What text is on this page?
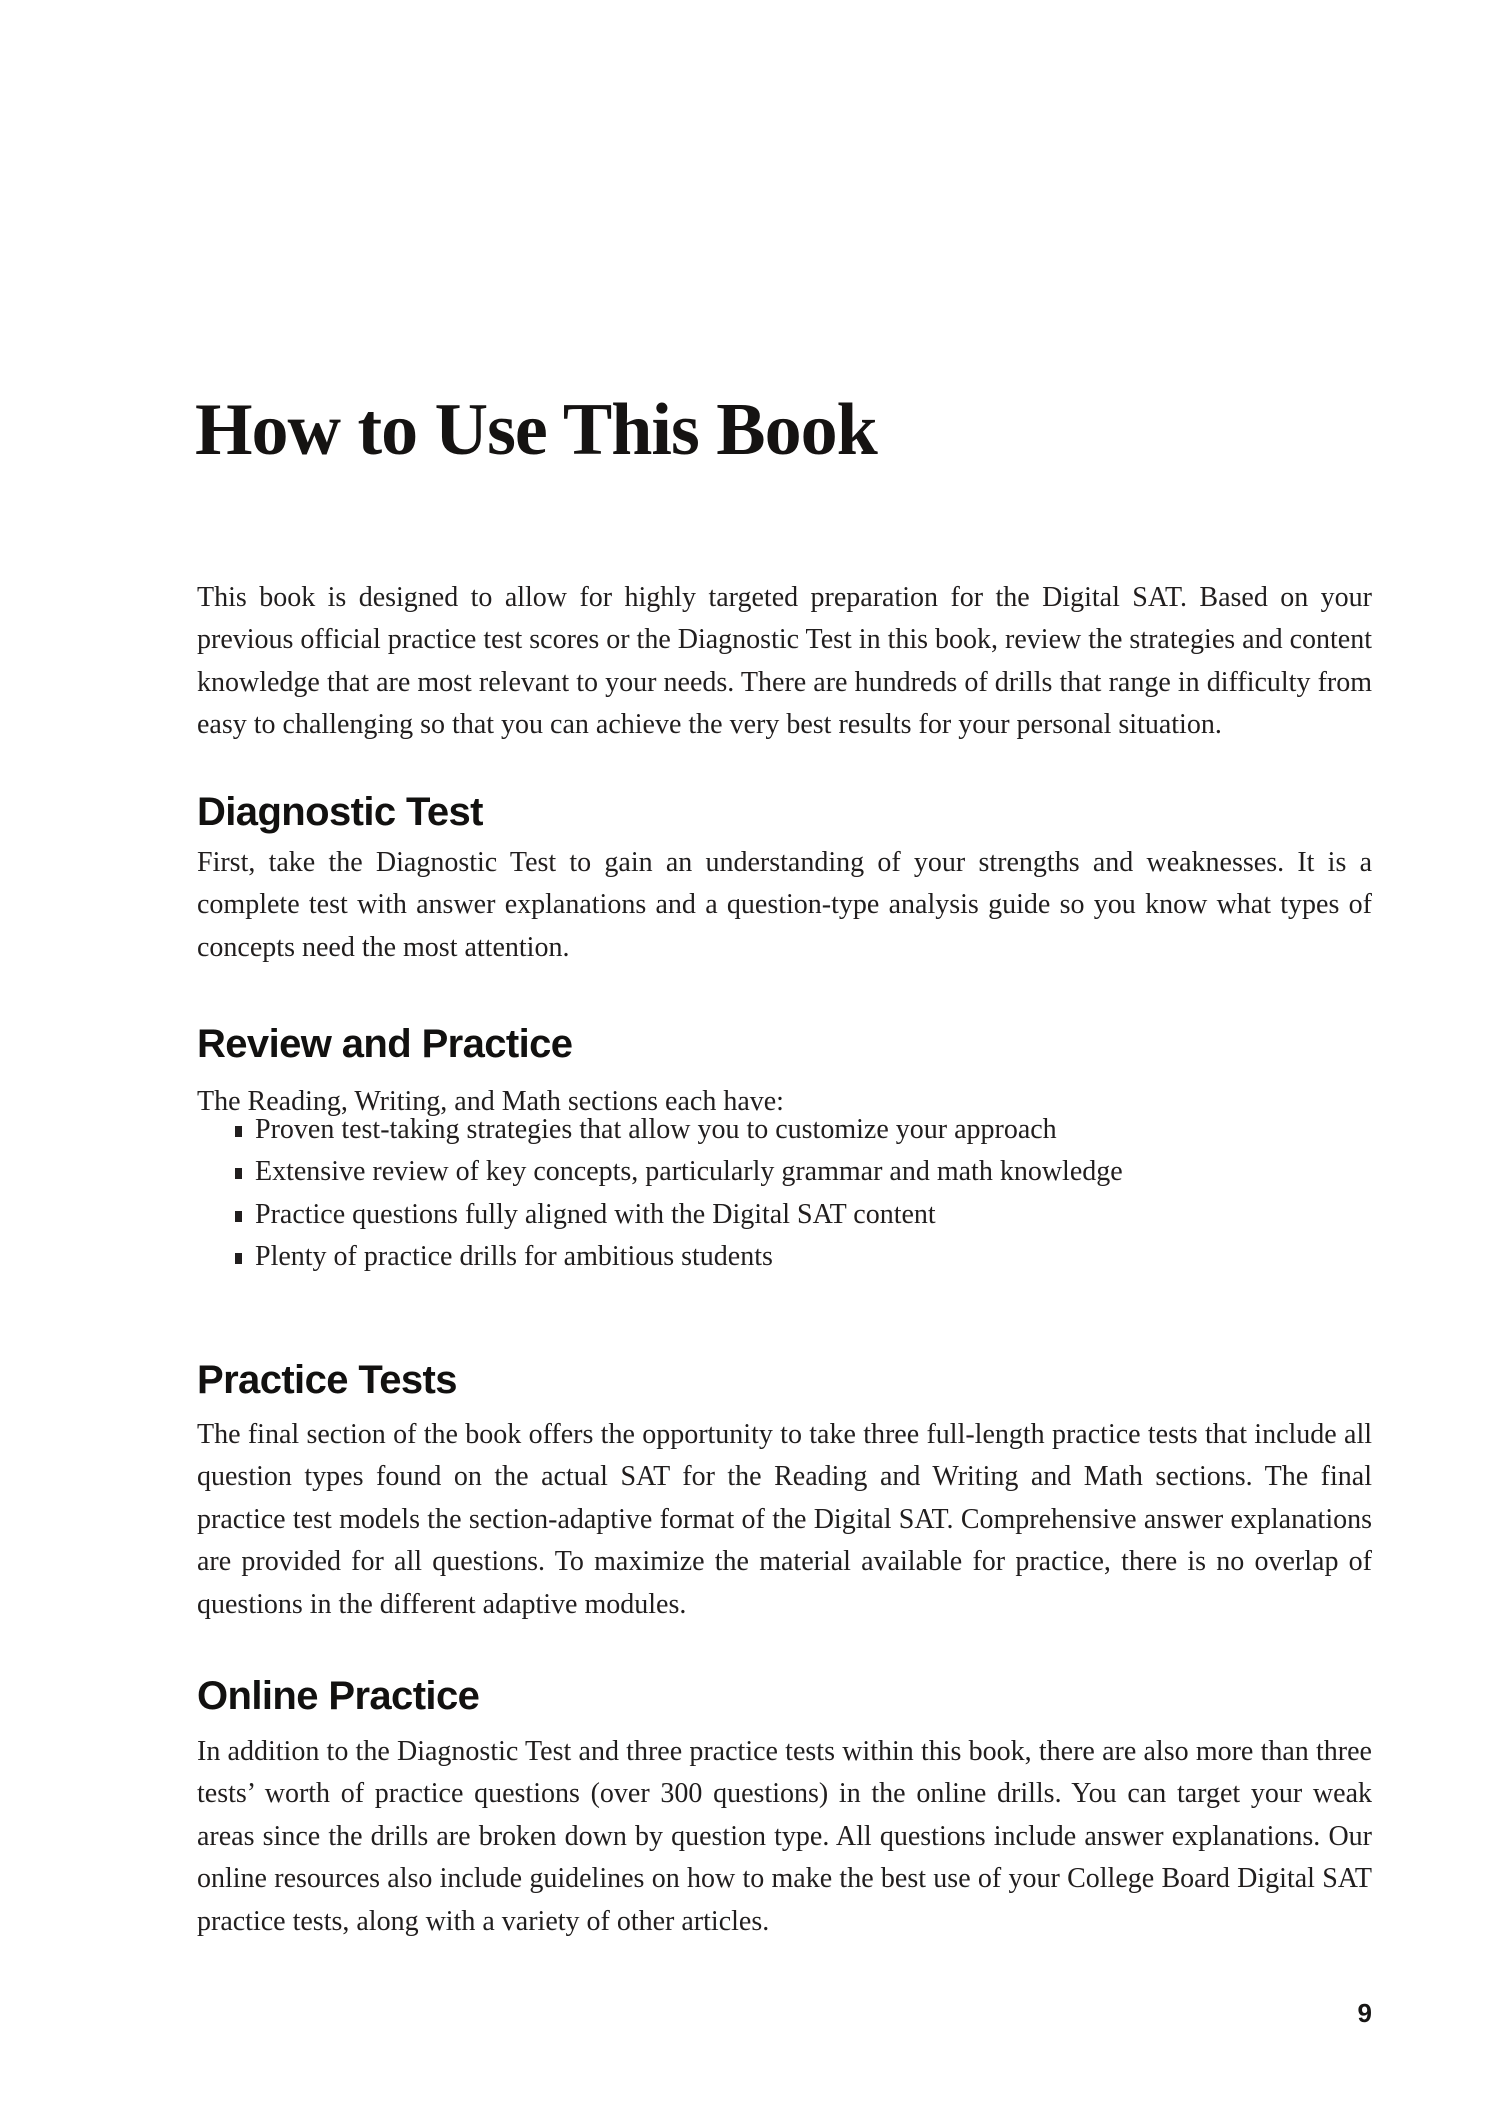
How to Use This Book

This book is designed to allow for highly targeted preparation for the Digital SAT. Based on your previous official practice test scores or the Diagnostic Test in this book, review the strategies and content knowledge that are most relevant to your needs. There are hundreds of drills that range in difficulty from easy to challenging so that you can achieve the very best results for your personal situation.

Diagnostic Test

First, take the Diagnostic Test to gain an understanding of your strengths and weaknesses. It is a complete test with answer explanations and a question-type analysis guide so you know what types of concepts need the most attention.

Review and Practice

The Reading, Writing, and Math sections each have:

Proven test-taking strategies that allow you to customize your approach
Extensive review of key concepts, particularly grammar and math knowledge
Practice questions fully aligned with the Digital SAT content
Plenty of practice drills for ambitious students
Practice Tests

The final section of the book offers the opportunity to take three full-length practice tests that include all question types found on the actual SAT for the Reading and Writing and Math sections. The final practice test models the section-adaptive format of the Digital SAT. Comprehensive answer explanations are provided for all questions. To maximize the material available for practice, there is no overlap of questions in the different adaptive modules.

Online Practice

In addition to the Diagnostic Test and three practice tests within this book, there are also more than three tests’ worth of practice questions (over 300 questions) in the online drills. You can target your weak areas since the drills are broken down by question type. All questions include answer explanations. Our online resources also include guidelines on how to make the best use of your College Board Digital SAT practice tests, along with a variety of other articles.

9
